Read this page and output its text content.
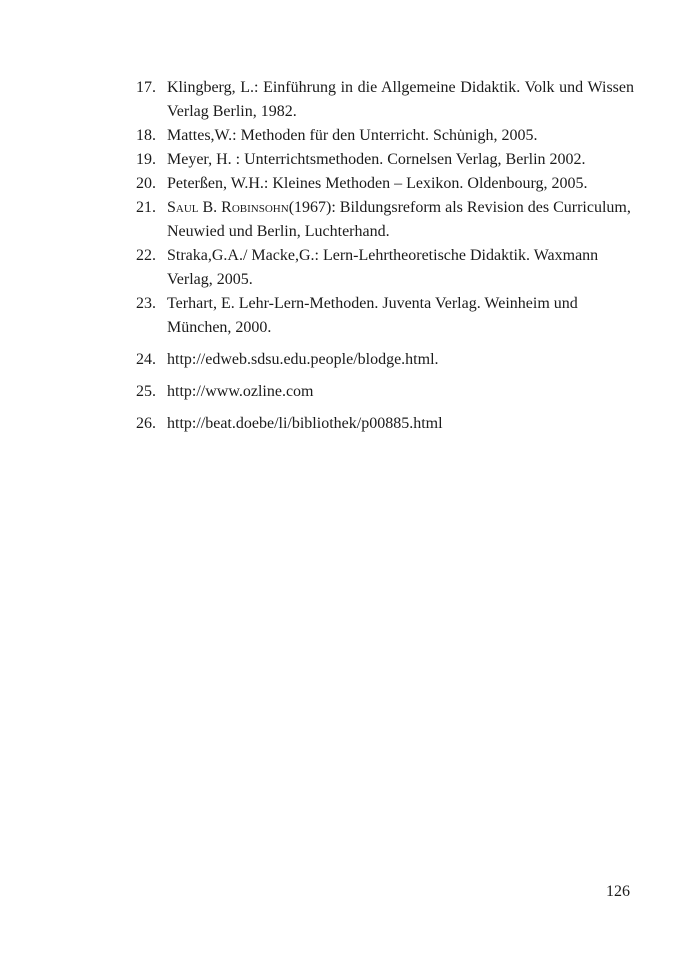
17. Klingberg, L.: Einführung in die Allgemeine Didaktik. Volk und Wissen Verlag Berlin, 1982.
18. Mattes,W.: Methoden für den Unterricht. Schu̇nigh, 2005.
19. Meyer, H. : Unterrichtsmethoden. Cornelsen Verlag, Berlin 2002.
20. Peterßen, W.H.: Kleines Methoden – Lexikon. Oldenbourg, 2005.
21. Saul B. Robinsohn(1967): Bildungsreform als Revision des Curriculum, Neuwied und Berlin, Luchterhand.
22. Straka,G.A./ Macke,G.: Lern-Lehrtheoretische Didaktik. Waxmann Verlag, 2005.
23. Terhart, E. Lehr-Lern-Methoden. Juventa Verlag. Weinheim und München, 2000.
24. http://edweb.sdsu.edu.people/blodge.html.
25. http://www.ozline.com
26. http://beat.doebe/li/bibliothek/p00885.html
126
